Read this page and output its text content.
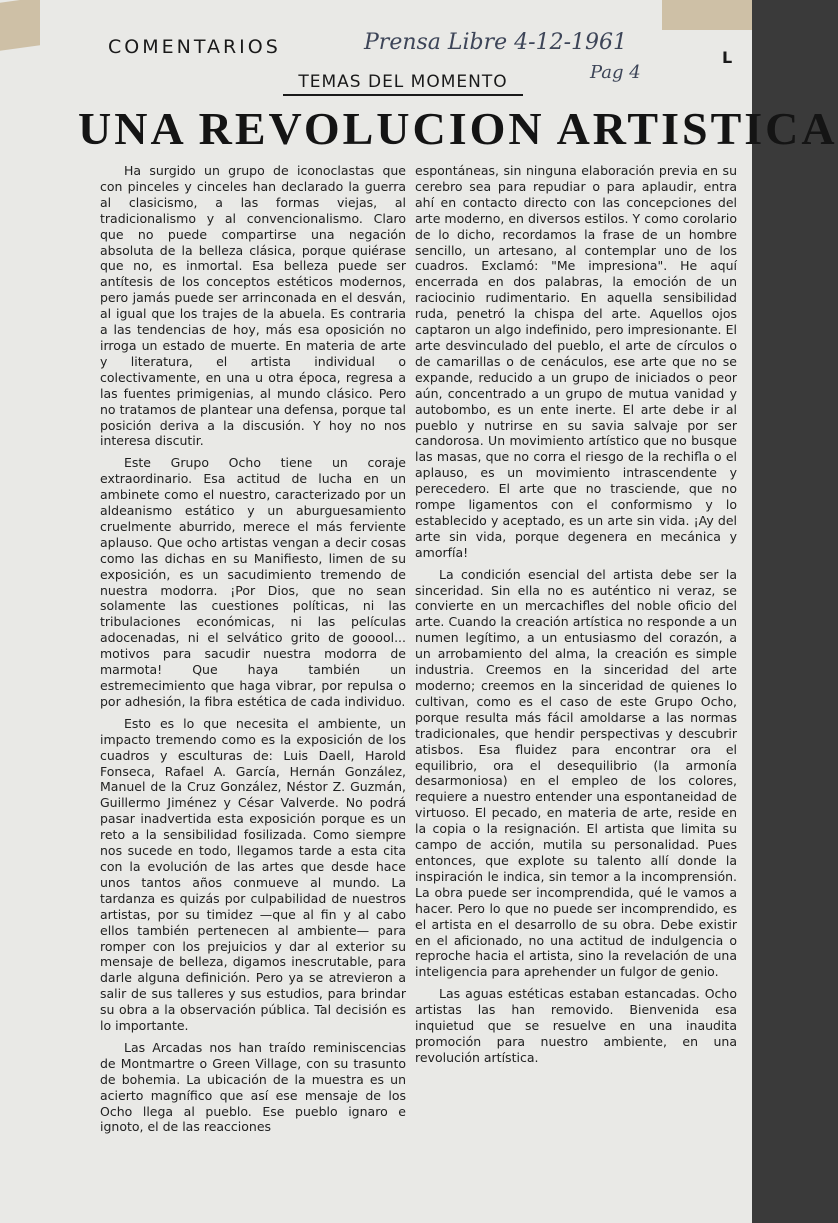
COMENTARIOS	Prensa Libre 4-12-1961
Pag 4
L
TEMAS DEL MOMENTO
UNA REVOLUCION ARTISTICA

Ha surgido un grupo de iconoclastas que con pinceles y cinceles han declarado la guerra al clasicismo, a las formas viejas, al tradicionalismo y al convencionalismo. Claro que no puede compartirse una negación absoluta de la belleza clásica, porque quiérase que no, es inmortal. Esa belleza puede ser antítesis de los conceptos estéticos modernos, pero jamás puede ser arrinconada en el desván, al igual que los trajes de la abuela. Es contraria a las tendencias de hoy, más esa oposición no irroga un estado de muerte. En materia de arte y literatura, el artista individual o colectivamente, en una u otra época, regresa a las fuentes primigenias, al mundo clásico. Pero no tratamos de plantear una defensa, porque tal posición deriva a la discusión. Y hoy no nos interesa discutir.

Este Grupo Ocho tiene un coraje extraordinario. Esa actitud de lucha en un ambinete como el nuestro, caracterizado por un aldeanismo estático y un aburguesamiento cruelmente aburrido, merece el más ferviente aplauso. Que ocho artistas vengan a decir cosas como las dichas en su Manifiesto, limen de su exposición, es un sacudimiento tremendo de nuestra modorra. ¡Por Dios, que no sean solamente las cuestiones políticas, ni las tribulaciones económicas, ni las películas adocenadas, ni el selvático grito de gooool... motivos para sacudir nuestra modorra de marmota! Que haya también un estremecimiento que haga vibrar, por repulsa o por adhesión, la fibra estética de cada individuo.

Esto es lo que necesita el ambiente, un impacto tremendo como es la exposición de los cuadros y esculturas de: Luis Daell, Harold Fonseca, Rafael A. García, Hernán González, Manuel de la Cruz González, Néstor Z. Guzmán, Guillermo Jiménez y César Valverde. No podrá pasar inadvertida esta exposición porque es un reto a la sensibilidad fosilizada. Como siempre nos sucede en todo, llegamos tarde a esta cita con la evolución de las artes que desde hace unos tantos años conmueve al mundo. La tardanza es quizás por culpabilidad de nuestros artistas, por su timidez —que al fin y al cabo ellos también pertenecen al ambiente— para romper con los prejuicios y dar al exterior su mensaje de belleza, digamos inescrutable, para darle alguna definición. Pero ya se atrevieron a salir de sus talleres y sus estudios, para brindar su obra a la observación pública. Tal decisión es lo importante.

Las Arcadas nos han traído reminiscencias de Montmartre o Green Village, con su trasunto de bohemia. La ubicación de la muestra es un acierto magnífico que así ese mensaje de los Ocho llega al pueblo. Ese pueblo ignaro e ignoto, el de las reacciones

espontáneas, sin ninguna elaboración previa en su cerebro sea para repudiar o para aplaudir, entra ahí en contacto directo con las concepciones del arte moderno, en diversos estilos. Y como corolario de lo dicho, recordamos la frase de un hombre sencillo, un artesano, al contemplar uno de los cuadros. Exclamó: "Me impresiona". He aquí encerrada en dos palabras, la emoción de un raciocinio rudimentario. En aquella sensibilidad ruda, penetró la chispa del arte. Aquellos ojos captaron un algo indefinido, pero impresionante. El arte desvinculado del pueblo, el arte de círculos o de camarillas o de cenáculos, ese arte que no se expande, reducido a un grupo de iniciados o peor aún, concentrado a un grupo de mutua vanidad y autobombo, es un ente inerte. El arte debe ir al pueblo y nutrirse en su savia salvaje por ser candorosa. Un movimiento artístico que no busque las masas, que no corra el riesgo de la rechifla o el aplauso, es un movimiento intrascendente y perecedero. El arte que no trasciende, que no rompe ligamentos con el conformismo y lo establecido y aceptado, es un arte sin vida. ¡Ay del arte sin vida, porque degenera en mecánica y amorfía!

La condición esencial del artista debe ser la sinceridad. Sin ella no es auténtico ni veraz, se convierte en un mercachifles del noble oficio del arte. Cuando la creación artística no responde a un numen legítimo, a un entusiasmo del corazón, a un arrobamiento del alma, la creación es simple industria. Creemos en la sinceridad del arte moderno; creemos en la sinceridad de quienes lo cultivan, como es el caso de este Grupo Ocho, porque resulta más fácil amoldarse a las normas tradicionales, que hendir perspectivas y descubrir atisbos. Esa fluidez para encontrar ora el equilibrio, ora el desequilibrio (la armonía desarmoniosa) en el empleo de los colores, requiere a nuestro entender una espontaneidad de virtuoso. El pecado, en materia de arte, reside en la copia o la resignación. El artista que limita su campo de acción, mutila su personalidad. Pues entonces, que explote su talento allí donde la inspiración le indica, sin temor a la incomprensión. La obra puede ser incomprendida, qué le vamos a hacer. Pero lo que no puede ser incomprendido, es el artista en el desarrollo de su obra. Debe existir en el aficionado, no una actitud de indulgencia o reproche hacia el artista, sino la revelación de una inteligencia para aprehender un fulgor de genio.

Las aguas estéticas estaban estancadas. Ocho artistas las han removido. Bienvenida esa inquietud que se resuelve en una inaudita promoción para nuestro ambiente, en una revolución artística.
